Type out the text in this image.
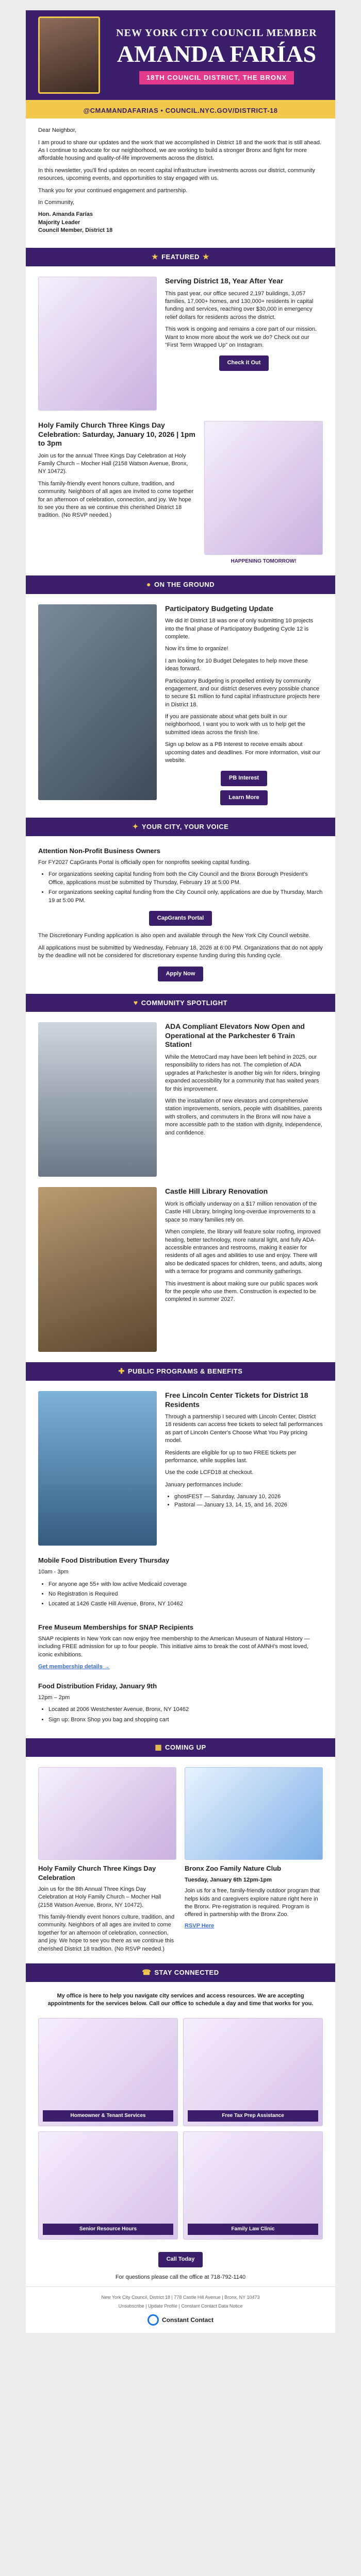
NEW YORK CITY COUNCIL MEMBER
AMANDA FARÍAS
18TH COUNCIL DISTRICT, THE BRONX
@CMAMANDAFARIAS • COUNCIL.NYC.GOV/DISTRICT-18

Dear Neighbor,

I am proud to share our updates and the work that we accomplished in District 18 and the work that is still ahead. As I continue to advocate for our neighborhood, we are working to build a stronger Bronx and fight for more affordable housing and quality-of-life improvements across the district.

In this newsletter, you'll find updates on recent capital infrastructure investments across our district, community resources, upcoming events, and opportunities to stay engaged with us.

Thank you for your continued engagement and partnership.

In Community,

Hon. Amanda Farías
Majority Leader
Council Member, District 18
★ FEATURED ★
Serving District 18, Year After Year

This past year, our office secured 2,197 buildings, 3,057 families, 17,000+ homes, and 130,000+ residents in capital funding and services, reaching over $30,000 in emergency relief dollars for residents across the district.

This work is ongoing and remains a core part of our mission. Want to know more about the work we do? Check out our "First Term Wrapped Up" on Instagram.

Check it Out
HAPPENING TOMORROW!
Holy Family Church Three Kings Day Celebration: Saturday, January 10, 2026 | 1pm to 3pm

Join us for the annual Three Kings Day Celebration at Holy Family Church – Mocher Hall (2158 Watson Avenue, Bronx, NY 10472).

This family-friendly event honors culture, tradition, and community. Neighbors of all ages are invited to come together for an afternoon of celebration, connection, and joy. We hope to see you there as we continue this cherished District 18 tradition. (No RSVP needed.)

● ON THE GROUND
Participatory Budgeting Update

We did it! District 18 was one of only submitting 10 projects into the final phase of Participatory Budgeting Cycle 12 is complete.

Now it's time to organize!

I am looking for 10 Budget Delegates to help move these ideas forward.

Participatory Budgeting is propelled entirely by community engagement, and our district deserves every possible chance to secure $1 million to fund capital infrastructure projects here in District 18.

If you are passionate about what gets built in our neighborhood, I want you to work with us to help get the submitted ideas across the finish line.

Sign up below as a PB Interest to receive emails about upcoming dates and deadlines. For more information, visit our website.

PB Interest
Learn More
✦ YOUR CITY, YOUR VOICE
Attention Non-Profit Business Owners

For FY2027 CapGrants Portal is officially open for nonprofits seeking capital funding.

• For organizations seeking capital funding from both the City Council and the Bronx Borough President's Office, applications must be submitted by Thursday, February 19 at 5:00 PM.
• For organizations seeking capital funding from the City Council only, applications are due by Thursday, March 19 at 5:00 PM.
CapGrants Portal

The Discretionary Funding application is also open and available through the New York City Council website.

All applications must be submitted by Wednesday, February 18, 2026 at 6:00 PM. Organizations that do not apply by the deadline will not be considered for discretionary expense funding during this funding cycle.

Apply Now
♥ COMMUNITY SPOTLIGHT
ADA Compliant Elevators Now Open and Operational at the Parkchester 6 Train Station!

While the MetroCard may have been left behind in 2025, our responsibility to riders has not. The completion of ADA upgrades at Parkchester is another big win for riders, bringing expanded accessibility for a community that has waited years for this improvement.

With the installation of new elevators and comprehensive station improvements, seniors, people with disabilities, parents with strollers, and commuters in the Bronx will now have a more accessible path to the station with dignity, independence, and confidence.

Castle Hill Library Renovation

Work is officially underway on a $17 million renovation of the Castle Hill Library, bringing long-overdue improvements to a space so many families rely on.

When complete, the library will feature solar roofing, improved heating, better technology, more natural light, and fully ADA-accessible entrances and restrooms, making it easier for residents of all ages and abilities to use and enjoy. There will also be dedicated spaces for children, teens, and adults, along with a terrace for programs and community gatherings.

This investment is about making sure our public spaces work for the people who use them. Construction is expected to be completed in summer 2027.

✚ PUBLIC PROGRAMS & BENEFITS
Free Lincoln Center Tickets for District 18 Residents

Through a partnership I secured with Lincoln Center, District 18 residents can access free tickets to select fall performances as part of Lincoln Center's Choose What You Pay pricing model.

Residents are eligible for up to two FREE tickets per performance, while supplies last.

Use the code LCFD18 at checkout.

January performances include:

• ghostFEST — Saturday, January 10, 2026
• Pastoral — January 13, 14, 15, and 16, 2026
Mobile Food Distribution Every Thursday

10am - 3pm

• For anyone age 55+ with low active Medicaid coverage
• No Registration is Required
• Located at 1426 Castle Hill Avenue, Bronx, NY 10462
Free Museum Memberships for SNAP Recipients

SNAP recipients in New York can now enjoy free membership to the American Museum of Natural History — including FREE admission for up to four people. This initiative aims to break the cost of AMNH's most loved, iconic exhibitions.

Get membership details →
Food Distribution Friday, January 9th

12pm – 2pm

• Located at 2006 Westchester Avenue, Bronx, NY 10462
• Sign up: Bronx Shop you bag and shopping cart
▦ COMING UP
Holy Family Church Three Kings Day Celebration

Join us for the 8th Annual Three Kings Day Celebration at Holy Family Church – Mocher Hall (2158 Watson Avenue, Bronx, NY 10472).

This family-friendly event honors culture, tradition, and community. Neighbors of all ages are invited to come together for an afternoon of celebration, connection, and joy. We hope to see you there as we continue this cherished District 18 tradition. (No RSVP needed.)

Bronx Zoo Family Nature Club

Tuesday, January 6th 12pm-1pm

Join us for a free, family-friendly outdoor program that helps kids and caregivers explore nature right here in the Bronx. Pre-registration is required. Program is offered in partnership with the Bronx Zoo.

RSVP Here
☎ STAY CONNECTED

My office is here to help you navigate city services and access resources. We are accepting appointments for the services below. Call our office to schedule a day and time that works for you.

Homeowner & Tenant Services	Free Tax Prep Assistance
Senior Resource Hours	Family Law Clinic
Call Today

For questions please call the office at 718-792-1140

New York City Council, District 18 | 778 Castle Hill Avenue | Bronx, NY 10473

Unsubscribe | Update Profile | Constant Contact Data Notice

Constant Contact
